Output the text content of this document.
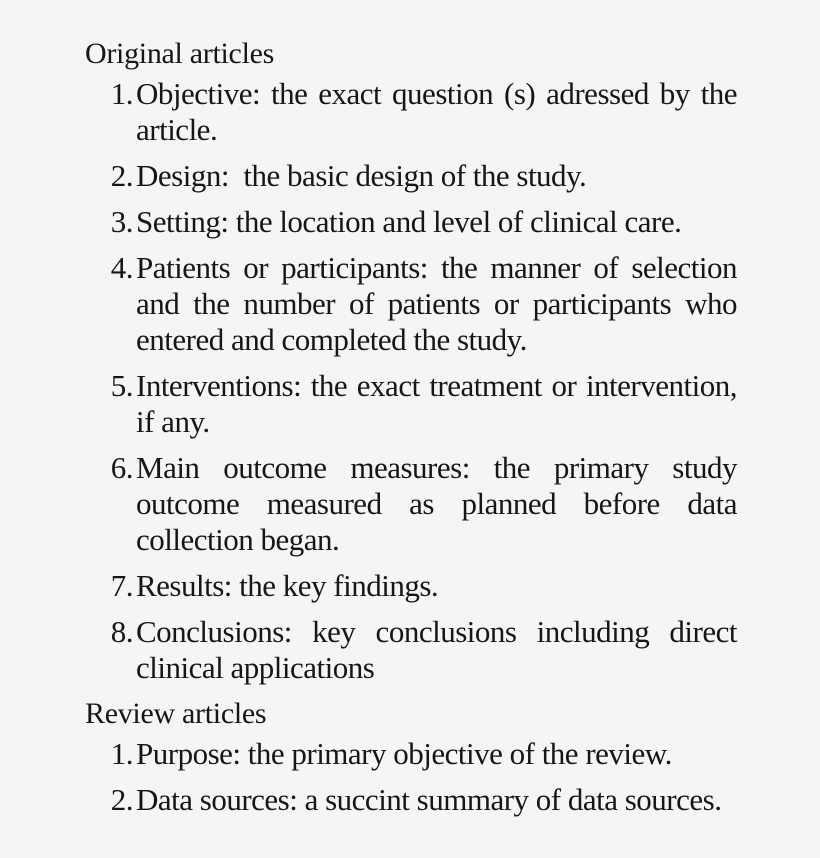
Original articles
1. Objective: the exact question (s) adressed by the
article.
2. Design:  the basic design of the study.
3. Setting: the location and level of clinical care.
4. Patients or participants: the manner of selection
and the number of patients or participants who
entered and completed the study.
5. Interventions: the exact treatment or intervention,
if any.
6. Main outcome measures: the primary study
outcome measured as planned before data
collection began.
7. Results: the key findings.
8. Conclusions: key conclusions including direct
clinical applications
Review articles
1. Purpose: the primary objective of the review.
2. Data sources: a succint summary of data sources.
